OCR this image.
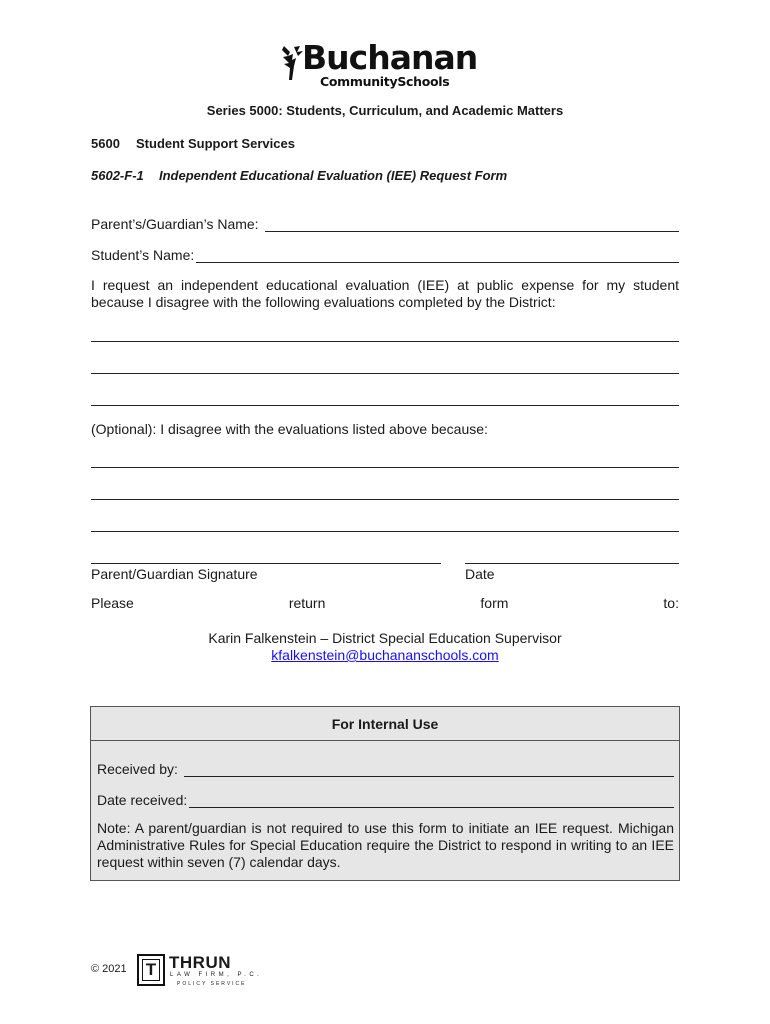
Buchanan
CommunitySchools
Series 5000: Students, Curriculum, and Academic Matters
5600 Student Support Services
5602-F-1 Independent Educational Evaluation (IEE) Request Form
Parent’s/Guardian’s Name:
Student’s Name:
I request an independent educational evaluation (IEE) at public expense for my student because I disagree with the following evaluations completed by the District:
(Optional): I disagree with the evaluations listed above because:
Parent/Guardian Signature	Date
Please	return	form	to:
Karin Falkenstein – District Special Education Supervisor
kfalkenstein@buchananschools.com
For Internal Use
Received by:
Date received:
Note: A parent/guardian is not required to use this form to initiate an IEE request. Michigan Administrative Rules for Special Education require the District to respond in writing to an IEE request within seven (7) calendar days.
© 2021 T THRUN
LAW FIRM, P.C.
POLICY SERVICE
